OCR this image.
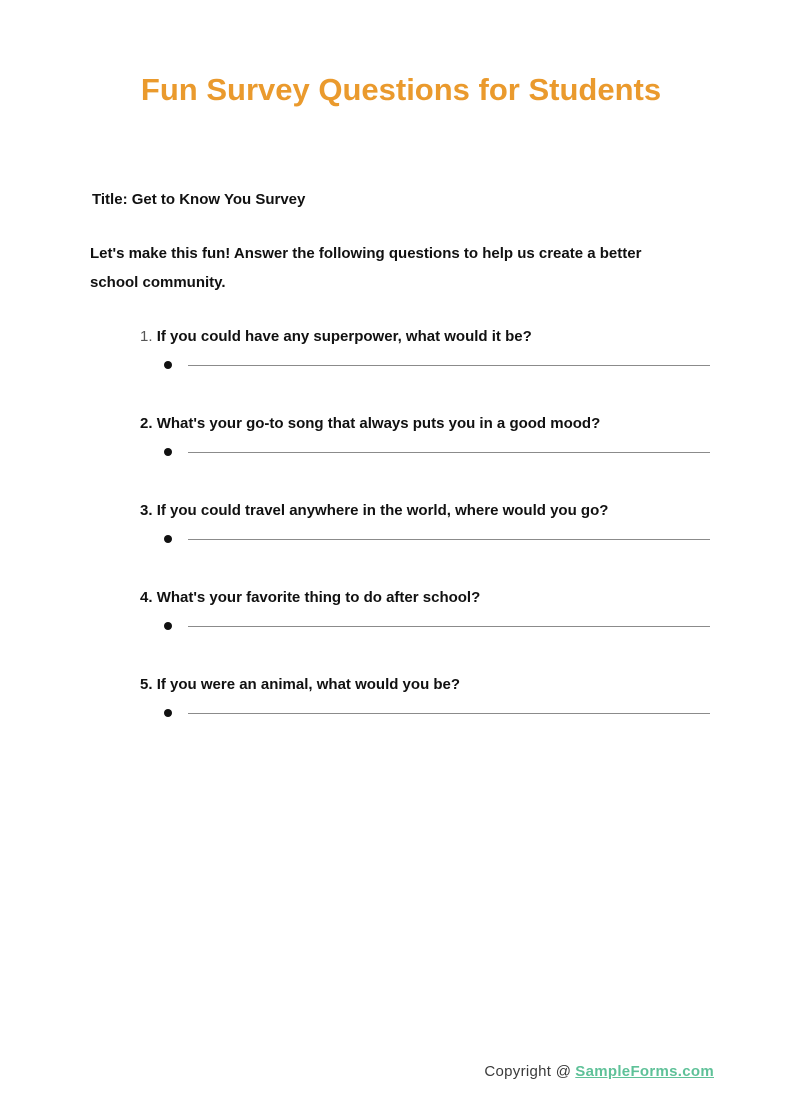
Fun Survey Questions for Students

Title: Get to Know You Survey

Let's make this fun! Answer the following questions to help us create a better
school community.

1. If you could have any superpower, what would it be?

2. What's your go-to song that always puts you in a good mood?

3. If you could travel anywhere in the world, where would you go?

4. What's your favorite thing to do after school?

5. If you were an animal, what would you be?

Copyright @ SampleForms.com
